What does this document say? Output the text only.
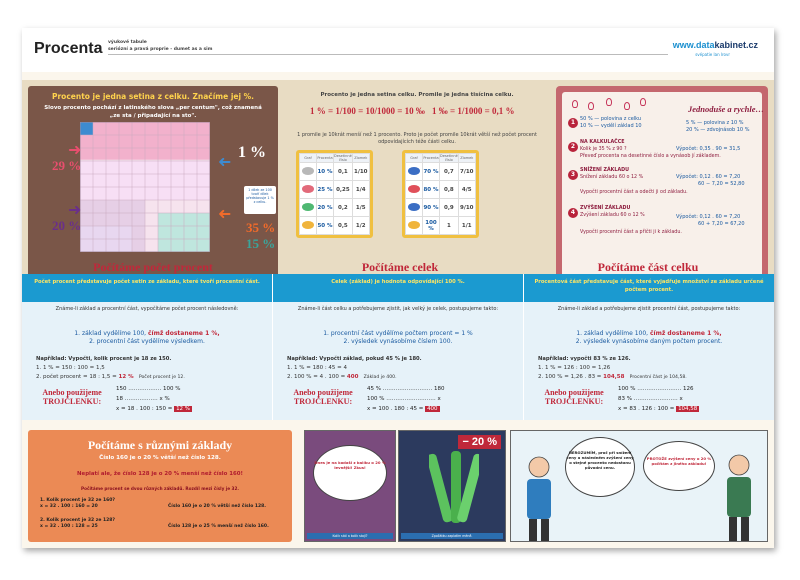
Procenta výukové tabule
seriózní a pravá proprie - dumet as a sim	www.datakabinet.cz
svépatie lan lrovr
Procento je jedna setina z celku. Značíme jej %.
Slovo procento pochází z latinského slova „per centum", což znamená „ze sta / připadající na sto".
29 %
1 %
35 %
20 %
15 %
1 dílek ze 100 tvoří dílek představuje 1 % z celku.
➜
➜	➜
➜
Procento je jedna setina celku. Promile je jedna tisícina celku.
1 % = 1/100 = 10/1000 = 10 ‰ 1 ‰ = 1/1000 = 0,1 %
1 promile je 10krát menší než 1 procento. Proto je počet promile 10krát větší než počet procent odpovídajících téže části celku.
Graf	Procenta	Desetinné číslo	Zlomek
	10 %	0,1	1/10
	25 %	0,25	1/4
	20 %	0,2	1/5
	50 %	0,5	1/2
Graf	Procenta	Desetinné číslo	Zlomek
	70 %	0,7	7/10
	80 %	0,8	4/5
	90 %	0,9	9/10
	100 %	1	1/1
Jednoduše a rychle…
1 50 % — polovina z celku
10 % — vydělí základ 10	5 % — polovina z 10 %
20 % — zdvojnásob 10 %
2
NA KALKULAČCE
Kolik je 35 % z 90 ?	Výpočet: 0,35 . 90 = 31,5
Převeď procenta na desetinné číslo a vynásob jí základem.
3
SNÍŽENÍ ZÁKLADU
Snížení základu 60 o 12 %	Výpočet: 0,12 . 60 = 7,20
60 − 7,20 = 52,80
Vypočti procentní část a odečti ji od základu.
4
ZVÝŠENÍ ZÁKLADU
Zvýšení základu 60 o 12 %	Výpočet: 0,12 . 60 = 7,20
60 + 7,20 = 67,20
Vypočti procentní část a přičti ji k základu.
Počítáme počet procent	Počítáme celek	Počítáme část celku
Počet procent představuje počet setin ze základu, které tvoří procentní část.
Známe-li základ a procentní část, vypočítáme počet procent následovně:
1. základ vydělíme 100, čímž dostaneme 1 %,
2. procentní část vydělíme výsledkem.
Například: Vypočti, kolik procent je 18 ze 150.
1. 1 % = 150 : 100 = 1,5
2. počet procent = 18 : 1,5 = 12 % Počet procent je 12.
Anebo použijeme TROJČLENKU:
150 ……………… 100 %
18 ……………… x %
x = 18 . 100 : 150 = 12 %
Celek (základ) je hodnota odpovídající 100 %.
Známe-li část celku a potřebujeme zjistit, jak velký je celek, postupujeme takto:
1. procentní část vydělíme počtem procent = 1 %
2. výsledek vynásobíme číslem 100.
Například: Vypočti základ, pokud 45 % je 180.
1. 1 % = 180 : 45 = 4
2. 100 % = 4 . 100 = 400 Základ je 400.
Anebo použijeme TROJČLENKU:
45 % ……………………… 180
100 % ……………………… x
x = 100 . 180 : 45 = 400
Procentová část představuje část, které vyjadřuje množství ze základu určené počtem procent.
Známe-li základ a potřebujeme zjistit procentní část, postupujeme takto:
1. základ vydělíme 100, čímž dostaneme 1 %,
2. výsledek vynásobíme daným počtem procent.
Například: vypočti 83 % ze 126.
1. 1 % = 126 : 100 = 1,26
2. 100 % = 1,26 . 83 = 104,58 Procentní část je 104,58.
Anebo použijeme TROJČLENKU:
100 % …………………… 126
83 % …………………… x
x = 83 . 126 : 100 = 104,58
Počítáme s různými základy
Číslo 160 je o 20 % větší než číslo 128.
Neplatí ale, že číslo 128 je o 20 % menší než číslo 160!
Počítáme procent se dvou různých základů. Rozdíl mezi čísly je 32.
1. Kolik procent je 32 ze 160?
x = 32 . 100 : 160 = 20	Číslo 160 je o 20 % větší než číslo 128.
2. Kolik procent je 32 ze 128?
x = 32 . 100 : 128 = 25	Číslo 128 je o 25 % menší než číslo 160.
Dnes je na kodaši z balíku o 20 % levnější! Zkus!
Kolik stál a kolik stojí?
− 20 %
Zpočátku zaplatím méně.
NEROZUMÍM, proč při snížení ceny a následném zvýšení ceny o stejné procento nedostanu původní cenu.
PROTOŽE zvýšení ceny o 20 % počítám z jiného základu!
